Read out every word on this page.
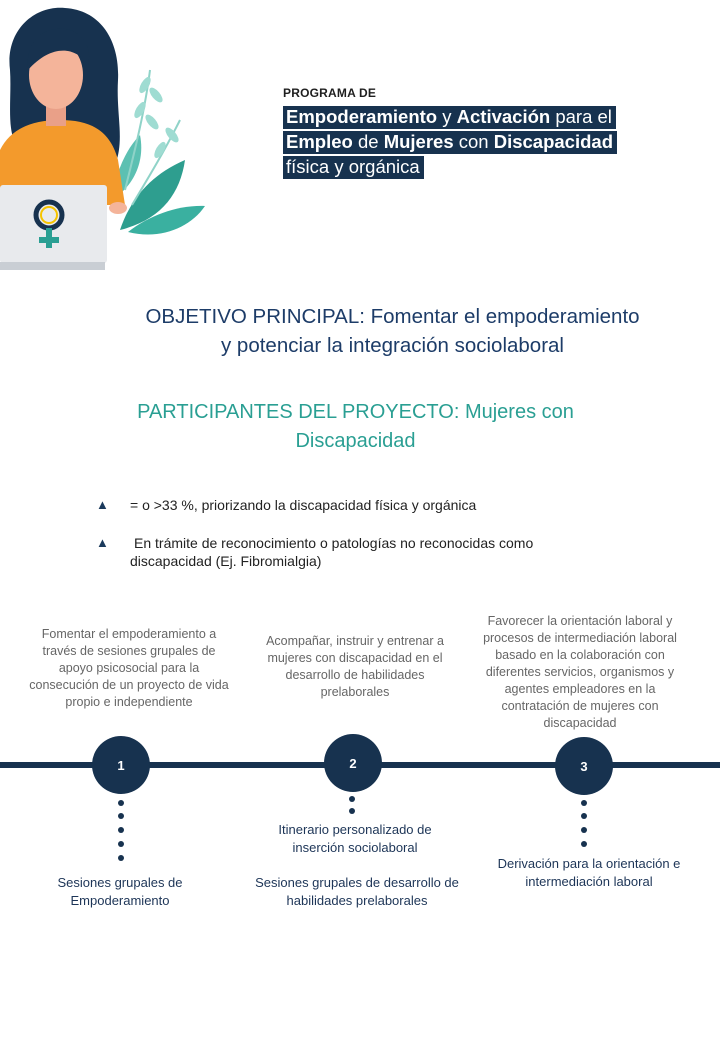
PROGRAMA DE
Empoderamiento y Activación para el
Empleo de Mujeres con Discapacidad
física y orgánica
OBJETIVO PRINCIPAL: Fomentar el empoderamiento
y potenciar la integración sociolaboral
PARTICIPANTES DEL PROYECTO: Mujeres con
Discapacidad
▲ = o >33 %, priorizando la discapacidad física y orgánica
▲ En trámite de reconocimiento o patologías no reconocidas como discapacidad (Ej. Fibromialgia)
Fomentar el empoderamiento a través de sesiones grupales de apoyo psicosocial para la consecución de un proyecto de vida propio e independiente
Acompañar, instruir y entrenar a mujeres con discapacidad en el desarrollo de habilidades prelaborales
Favorecer la orientación laboral y procesos de intermediación laboral basado en la colaboración con diferentes servicios, organismos y agentes empleadores en la contratación de mujeres con discapacidad
1	2	3
Sesiones grupales de Empoderamiento
Itinerario personalizado de inserción sociolaboral
Sesiones grupales de desarrollo de habilidades prelaborales
Derivación para la orientación e intermediación laboral
